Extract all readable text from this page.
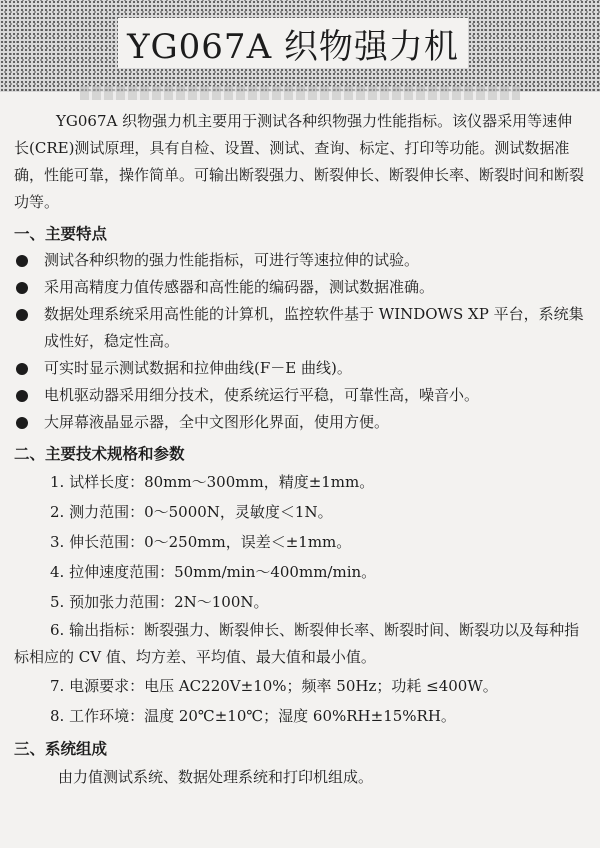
YG067A 织物强力机

YG067A 织物强力机主要用于测试各种织物强力性能指标。该仪器采用等速伸长(CRE)测试原理，具有自检、设置、测试、查询、标定、打印等功能。测试数据准确，性能可靠，操作简单。可输出断裂强力、断裂伸长、断裂伸长率、断裂时间和断裂功等。

一、主要特点
测试各种织物的强力性能指标，可进行等速拉伸的试验。
采用高精度力值传感器和高性能的编码器，测试数据准确。
数据处理系统采用高性能的计算机，监控软件基于 WINDOWS XP 平台，系统集成性好，稳定性高。
可实时显示测试数据和拉伸曲线(F－E 曲线)。
电机驱动器采用细分技术，使系统运行平稳，可靠性高，噪音小。
大屏幕液晶显示器，全中文图形化界面，使用方便。
二、主要技术规格和参数
1. 试样长度：80mm～300mm，精度±1mm。
2. 测力范围：0～5000N，灵敏度＜1N。
3. 伸长范围：0～250mm，误差＜±1mm。
4. 拉伸速度范围：50mm/min～400mm/min。
5. 预加张力范围：2N～100N。
6. 输出指标：断裂强力、断裂伸长、断裂伸长率、断裂时间、断裂功以及每种指标相应的 CV 值、均方差、平均值、最大值和最小值。
7. 电源要求：电压 AC220V±10%；频率 50Hz；功耗 ≤400W。
8. 工作环境：温度 20℃±10℃；湿度 60%RH±15%RH。
三、系统组成
由力值测试系统、数据处理系统和打印机组成。
